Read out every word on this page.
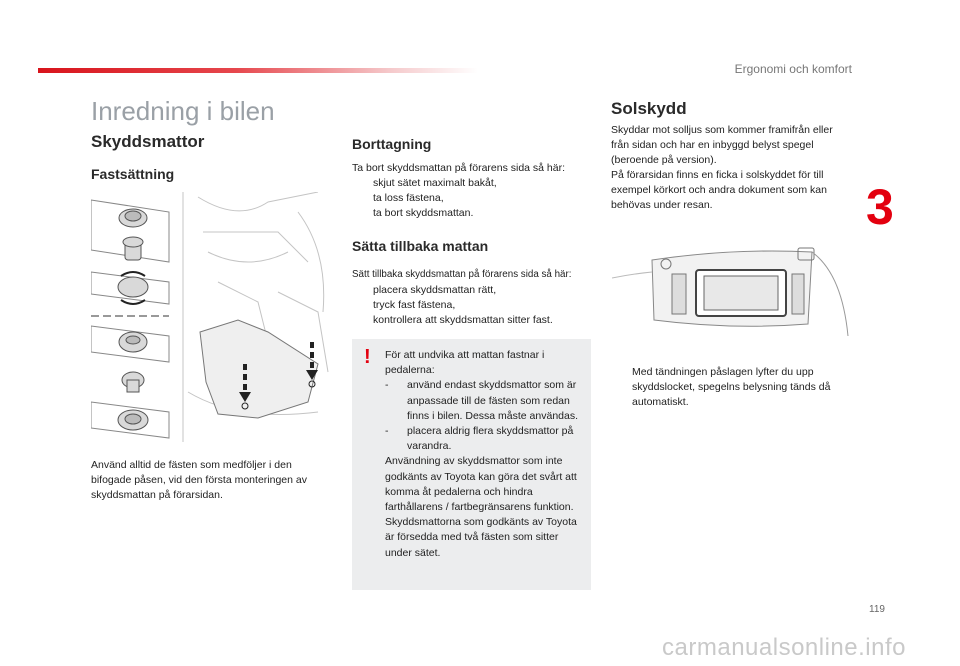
Ergonomi och komfort
3
Inredning i bilen
Skyddsmattor
Fastsättning
Använd alltid de fästen som medföljer i den bifogade påsen, vid den första monteringen av skyddsmattan på förarsidan.
Borttagning
Ta bort skyddsmattan på förarens sida så här:
skjut sätet maximalt bakåt,
ta loss fästena,
ta bort skyddsmattan.
Sätta tillbaka mattan
Sätt tillbaka skyddsmattan på förarens sida så här:
placera skyddsmattan rätt,
tryck fast fästena,
kontrollera att skyddsmattan sitter fast.
! För att undvika att mattan fastnar i pedalerna:
- använd endast skyddsmattor som är anpassade till de fästen som redan finns i bilen. Dessa måste användas.
- placera aldrig flera skyddsmattor på varandra.
Användning av skyddsmattor som inte godkänts av Toyota kan göra det svårt att komma åt pedalerna och hindra farthållarens / fartbegränsarens funktion.
Skyddsmattorna som godkänts av Toyota är försedda med två fästen som sitter under sätet.
Solskydd
Skyddar mot solljus som kommer framifrån eller från sidan och har en inbyggd belyst spegel (beroende på version).
På förarsidan finns en ficka i solskyddet för till exempel körkort och andra dokument som kan behövas under resan.
Med tändningen påslagen lyfter du upp skyddslocket, spegelns belysning tänds då automatiskt.
119
carmanualsonline.info
